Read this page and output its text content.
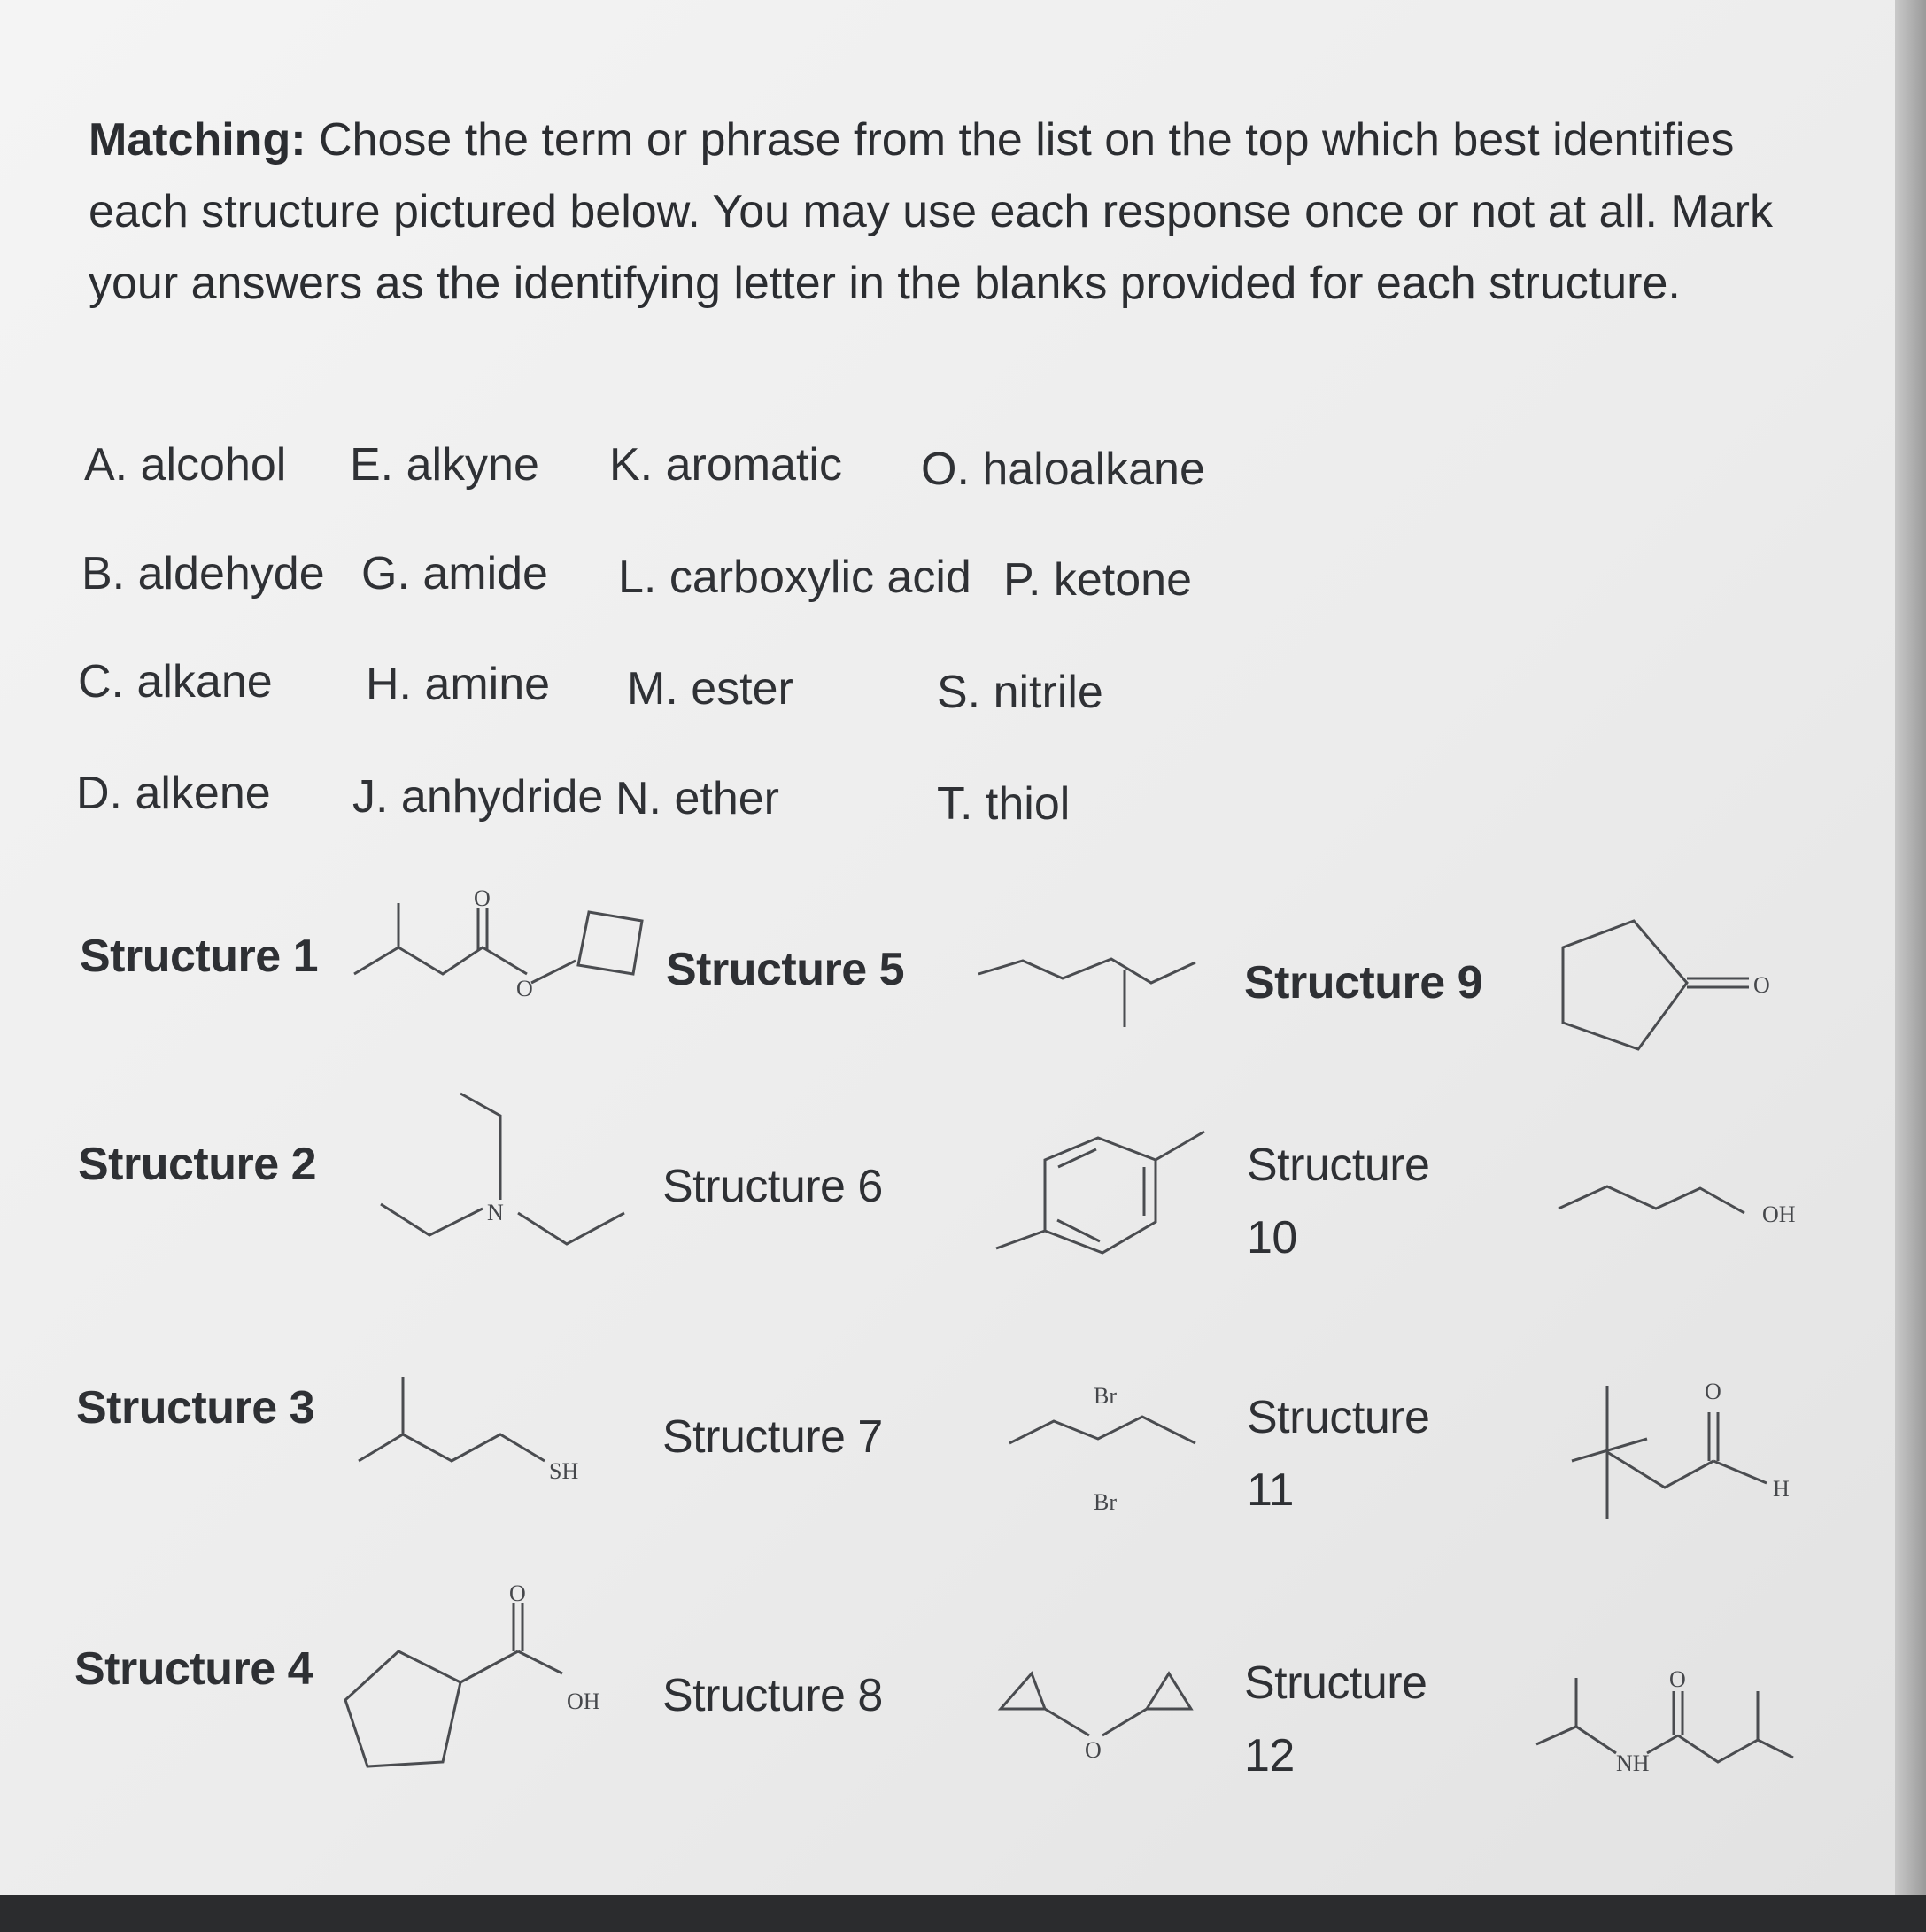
Matching: Chose the term or phrase from the list on the top which best identifies each structure pictured below. You may use each response once or not at all. Mark your answers as the identifying letter in the blanks provided for each structure.
A. alcohol E. alkyne K. aromatic O. haloalkane
B. aldehyde G. amide L. carboxylic acid P. ketone
C. alkane H. amine M. ester	S. nitrile
D. alkene J. anhydride N. ether	T. thiol
Structure 1
Structure 2
Structure 3
Structure 4
Structure 5
Structure 6
Structure 7
Structure 8
Structure 9
Structure 10
Structure 11
Structure 12
O
O
N
SH
O
OH
Br
Br
O
O
OH
O
H
NH
O
